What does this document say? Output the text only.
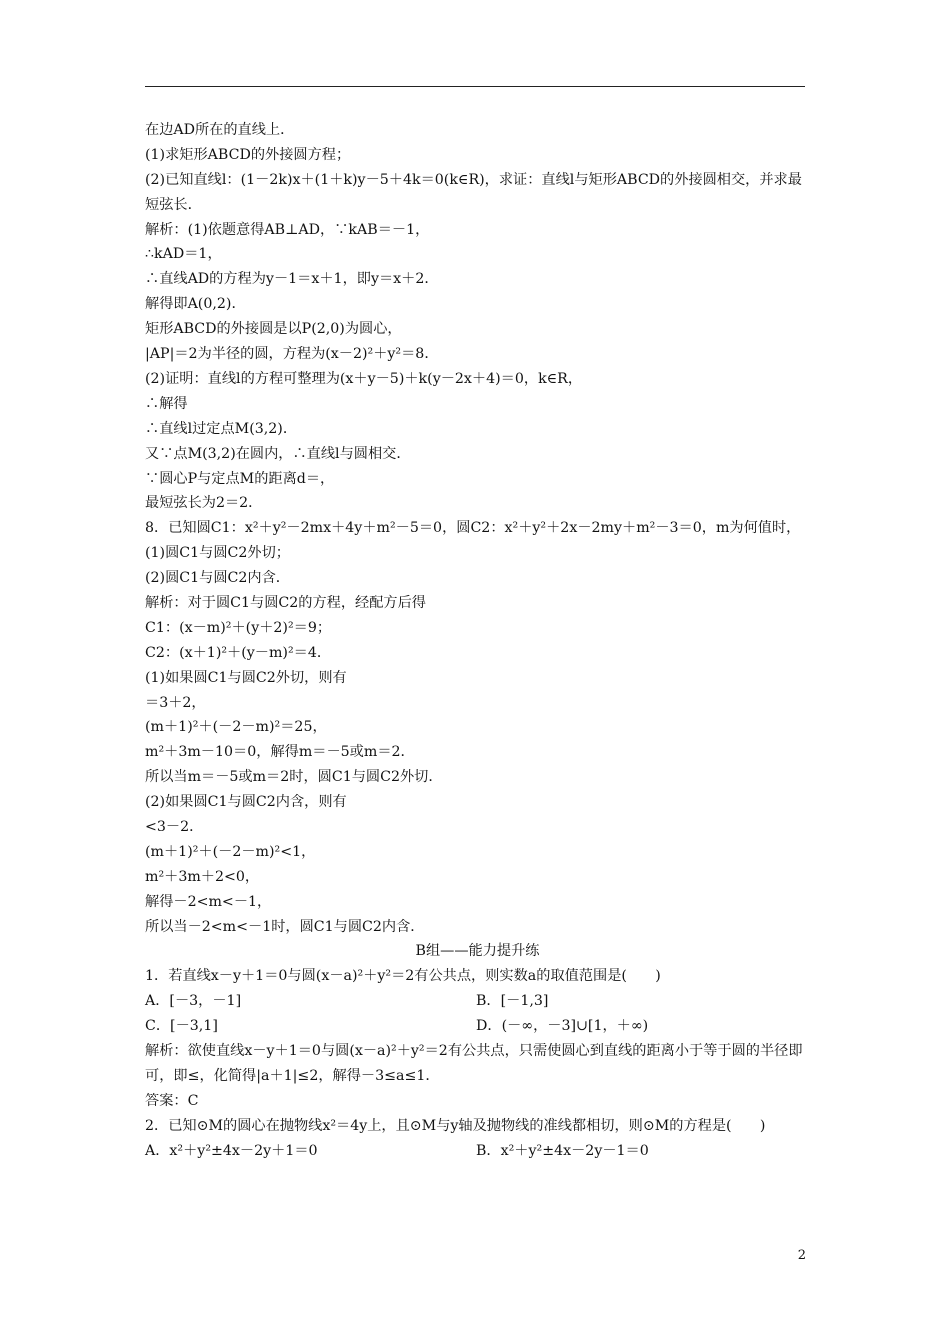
在边AD所在的直线上．
(1)求矩形ABCD的外接圆方程；
(2)已知直线l：(1－2k)x＋(1＋k)y－5＋4k＝0(k∈R)，求证：直线l与矩形ABCD的外接圆相交，并求最短弦长．
解析：(1)依题意得AB⊥AD，∵kAB＝－1，
∴kAD＝1，
∴直线AD的方程为y－1＝x＋1，即y＝x＋2．
解得即A(0,2)．
矩形ABCD的外接圆是以P(2,0)为圆心，
|AP|＝2为半径的圆，方程为(x－2)²＋y²＝8．
(2)证明：直线l的方程可整理为(x＋y－5)＋k(y－2x＋4)＝0，k∈R，
∴解得
∴直线l过定点M(3,2)．
又∵点M(3,2)在圆内，∴直线l与圆相交．
∵圆心P与定点M的距离d＝，
最短弦长为2＝2．
8．已知圆C1：x²＋y²－2mx＋4y＋m²－5＝0，圆C2：x²＋y²＋2x－2my＋m²－3＝0，m为何值时，
(1)圆C1与圆C2外切；
(2)圆C1与圆C2内含．
解析：对于圆C1与圆C2的方程，经配方后得
C1：(x－m)²＋(y＋2)²＝9；
C2：(x＋1)²＋(y－m)²＝4．
(1)如果圆C1与圆C2外切，则有
＝3＋2，
(m＋1)²＋(－2－m)²＝25，
m²＋3m－10＝0，解得m＝－5或m＝2．
所以当m＝－5或m＝2时，圆C1与圆C2外切．
(2)如果圆C1与圆C2内含，则有
<3－2．
(m＋1)²＋(－2－m)²<1，
m²＋3m＋2<0，
解得－2<m<－1，
所以当－2<m<－1时，圆C1与圆C2内含．
B组——能力提升练
1．若直线x－y＋1＝0与圆(x－a)²＋y²＝2有公共点，则实数a的取值范围是(　　)
A．[－3，－1]	B．[－1,3]
C．[－3,1]	D．(－∞，－3]∪[1，＋∞)
解析：欲使直线x－y＋1＝0与圆(x－a)²＋y²＝2有公共点，只需使圆心到直线的距离小于等于圆的半径即可，即≤，化简得|a＋1|≤2，解得－3≤a≤1．
答案：C
2．已知⊙M的圆心在抛物线x²＝4y上，且⊙M与y轴及抛物线的准线都相切，则⊙M的方程是(　　)
A．x²＋y²±4x－2y＋1＝0	B．x²＋y²±4x－2y－1＝0
2
